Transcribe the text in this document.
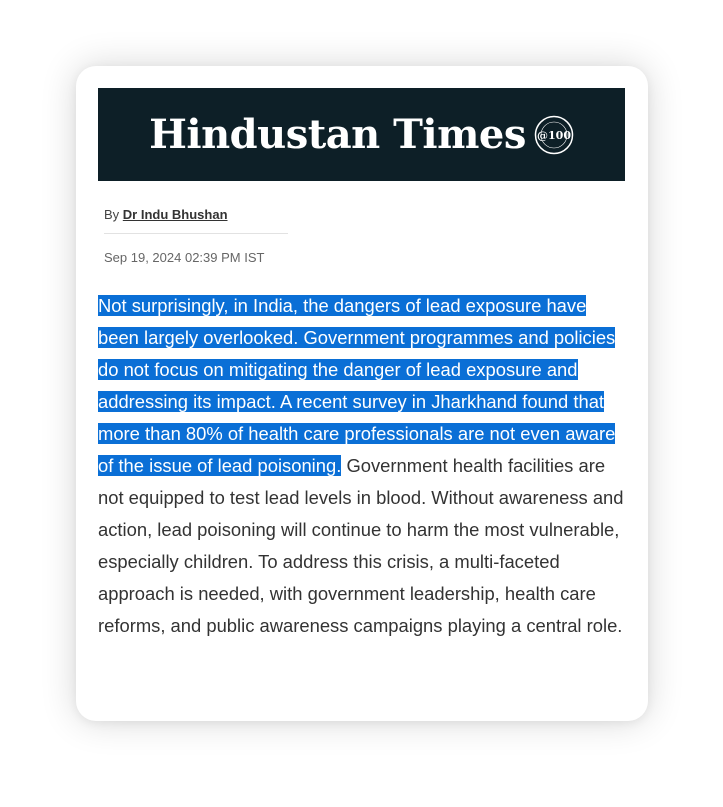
Hindustan Times @100
By Dr Indu Bhushan
Sep 19, 2024 02:39 PM IST

Not surprisingly, in India, the dangers of lead exposure have been largely overlooked. Government programmes and policies do not focus on mitigating the danger of lead exposure and addressing its impact. A recent survey in Jharkhand found that more than 80% of health care professionals are not even aware of the issue of lead poisoning. Government health facilities are not equipped to test lead levels in blood. Without awareness and action, lead poisoning will continue to harm the most vulnerable, especially children. To address this crisis, a multi-faceted approach is needed, with government leadership, health care reforms, and public awareness campaigns playing a central role.
